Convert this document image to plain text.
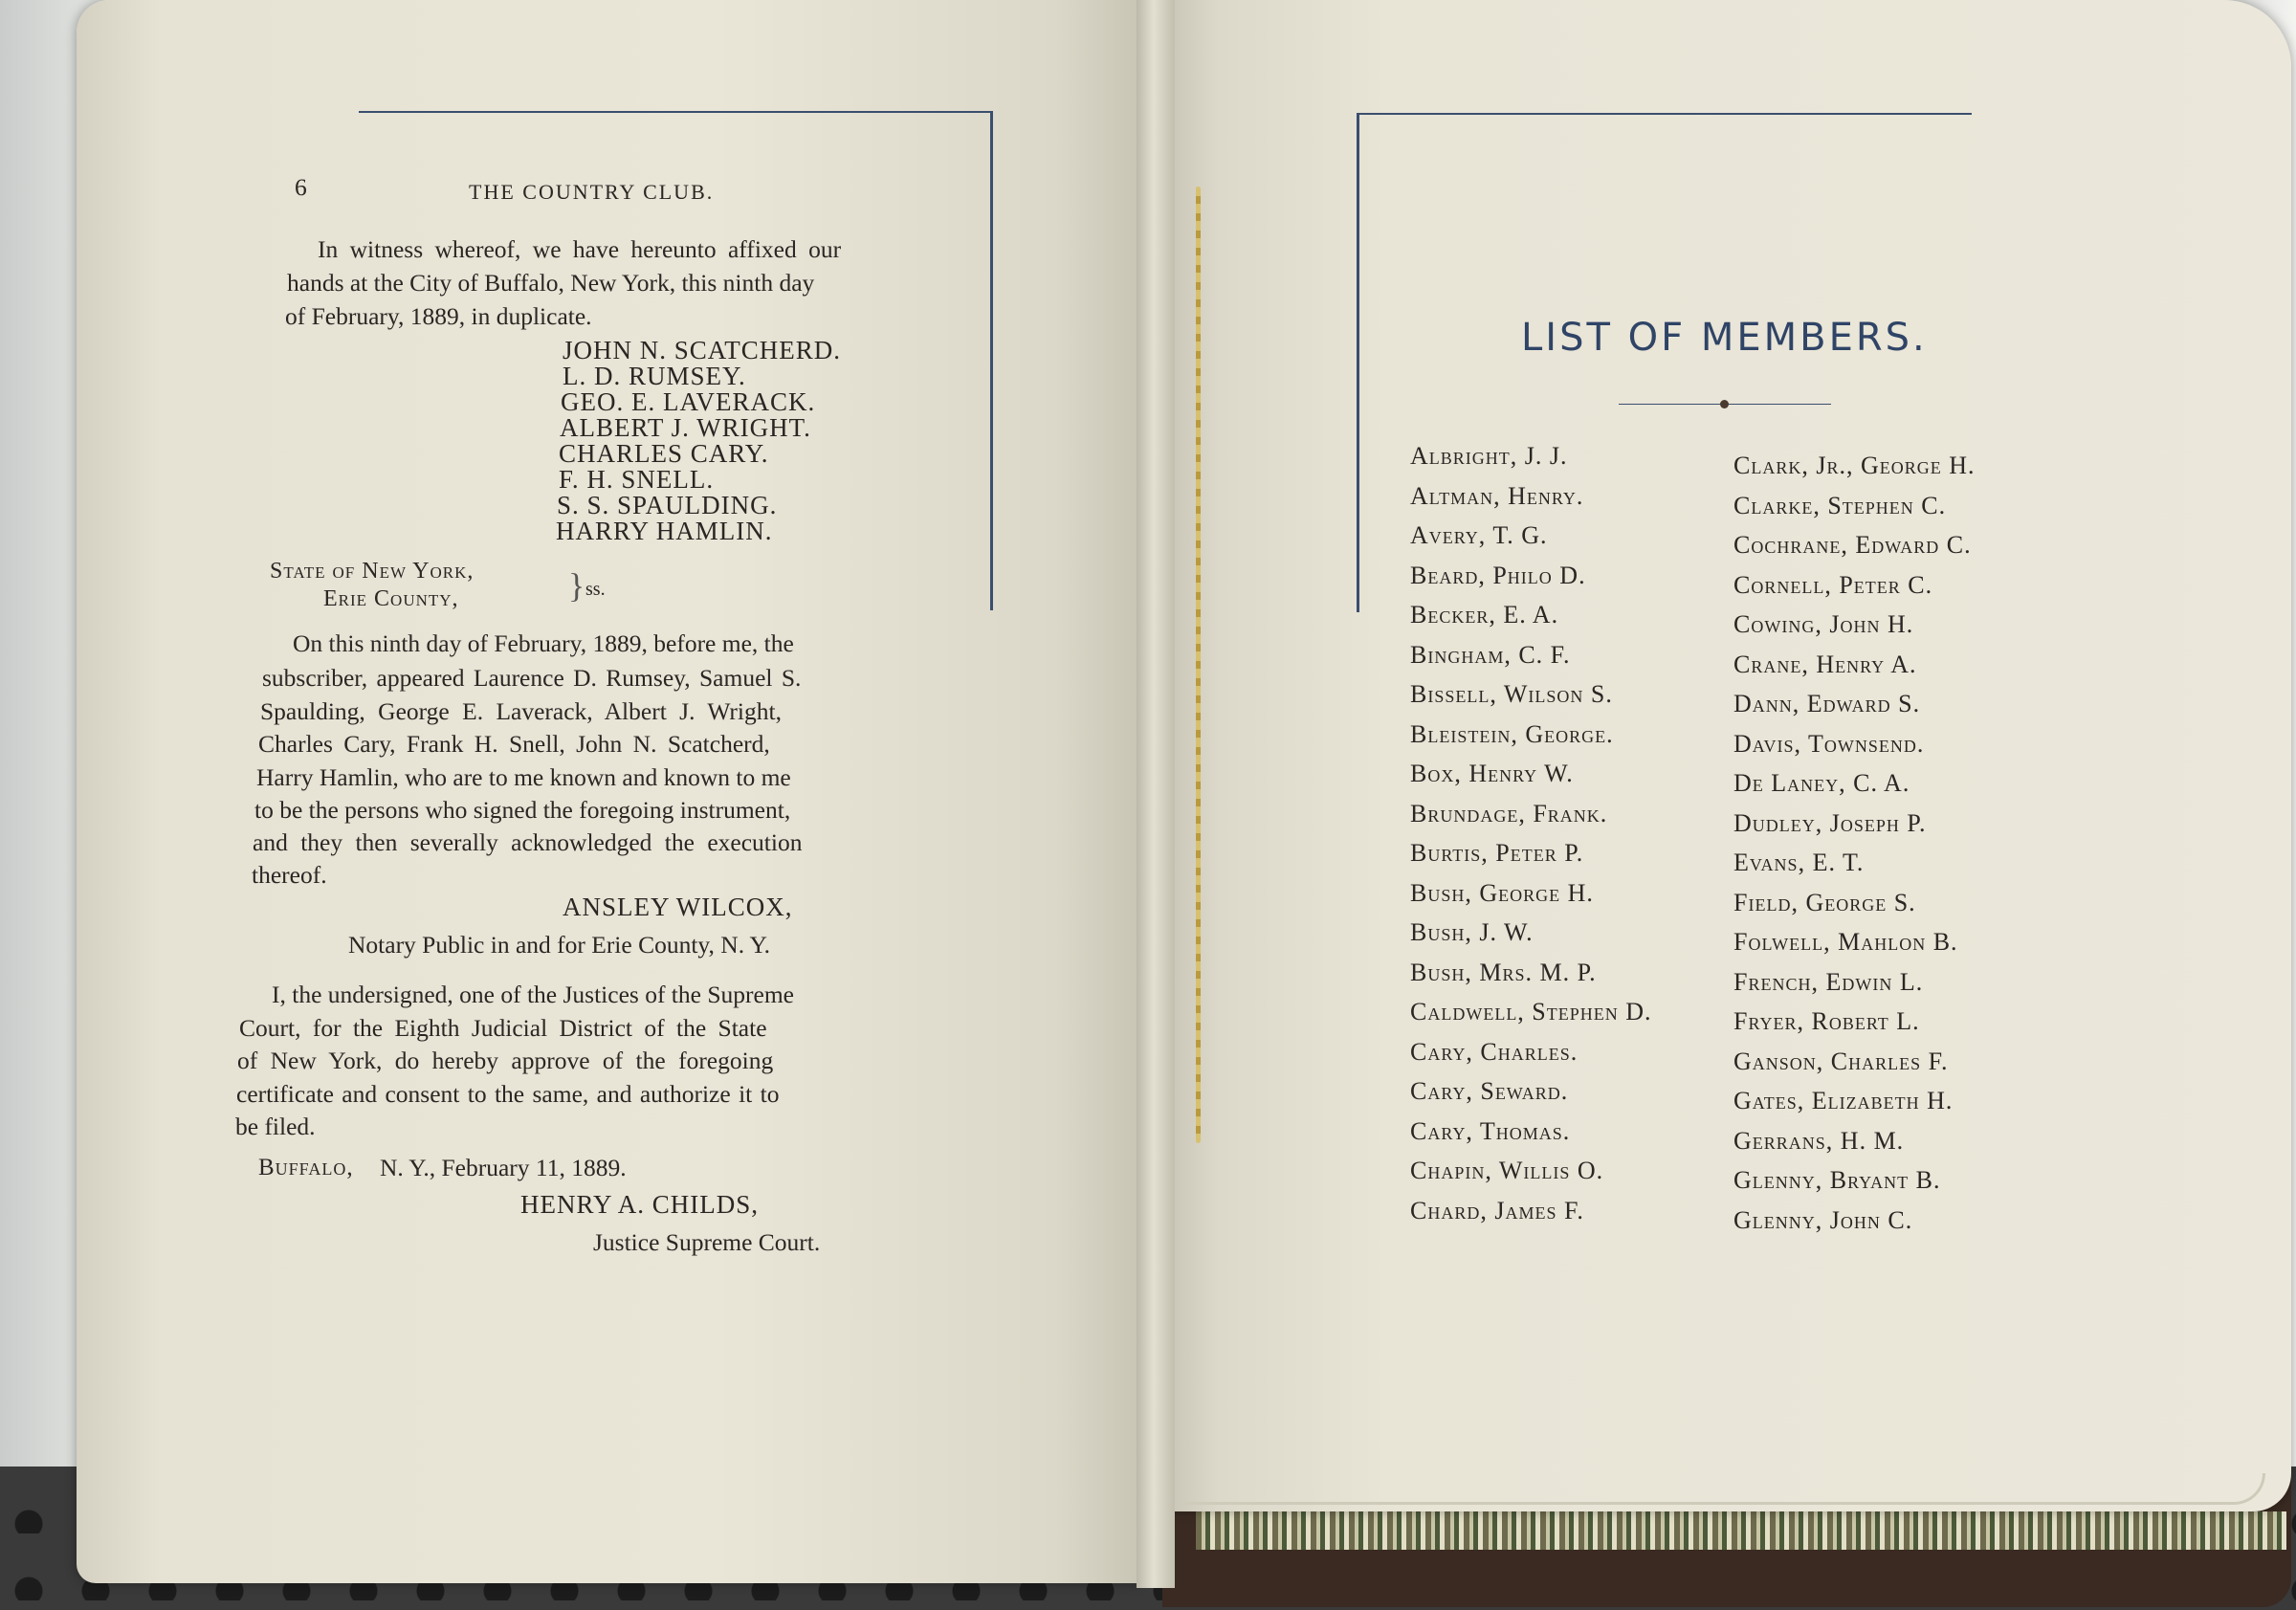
6	THE COUNTRY CLUB.
In witness whereof, we have hereunto affixed our
hands at the City of Buffalo, New York, this ninth day
of February, 1889, in duplicate.
JOHN N. SCATCHERD.
L. D. RUMSEY.
GEO. E. LAVERACK.
ALBERT J. WRIGHT.
CHARLES CARY.
F. H. SNELL.
S. S. SPAULDING.
HARRY HAMLIN.
State of New York,
Erie County,	} ss.
On this ninth day of February, 1889, before me, the
subscriber, appeared Laurence D. Rumsey, Samuel S.
Spaulding, George E. Laverack, Albert J. Wright,
Charles Cary, Frank H. Snell, John N. Scatcherd,
Harry Hamlin, who are to me known and known to me
to be the persons who signed the foregoing instrument,
and they then severally acknowledged the execution
thereof.
ANSLEY WILCOX,
Notary Public in and for Erie County, N. Y.
I, the undersigned, one of the Justices of the Supreme
Court, for the Eighth Judicial District of the State
of New York, do hereby approve of the foregoing
certificate and consent to the same, and authorize it to
be filed.
Buffalo, N. Y., February 11, 1889.
HENRY A. CHILDS,
Justice Supreme Court.
LIST OF MEMBERS.
Albright, J. J.
Altman, Henry.
Avery, T. G.
Beard, Philo D.
Becker, E. A.
Bingham, C. F.
Bissell, Wilson S.
Bleistein, George.
Box, Henry W.
Brundage, Frank.
Burtis, Peter P.
Bush, George H.
Bush, J. W.
Bush, Mrs. M. P.
Caldwell, Stephen D.
Cary, Charles.
Cary, Seward.
Cary, Thomas.
Chapin, Willis O.
Chard, James F.
Clark, Jr., George H.
Clarke, Stephen C.
Cochrane, Edward C.
Cornell, Peter C.
Cowing, John H.
Crane, Henry A.
Dann, Edward S.
Davis, Townsend.
De Laney, C. A.
Dudley, Joseph P.
Evans, E. T.
Field, George S.
Folwell, Mahlon B.
French, Edwin L.
Fryer, Robert L.
Ganson, Charles F.
Gates, Elizabeth H.
Gerrans, H. M.
Glenny, Bryant B.
Glenny, John C.
